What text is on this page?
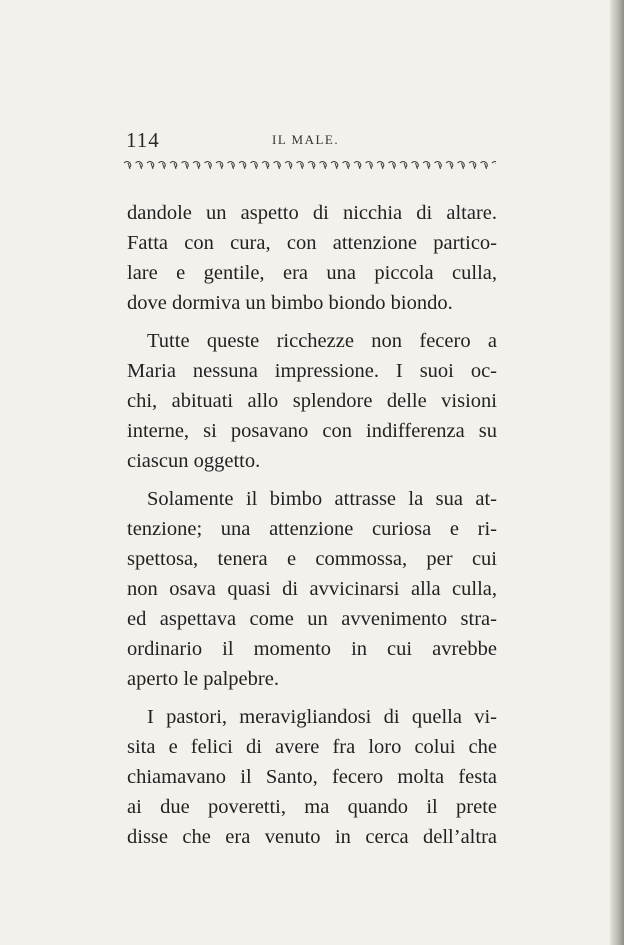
114	IL MALE.
dandole un aspetto di nicchia di altare.
Fatta con cura, con attenzione partico-
lare e gentile, era una piccola culla,
dove dormiva un bimbo biondo biondo.
Tutte queste ricchezze non fecero a
Maria nessuna impressione. I suoi oc-
chi, abituati allo splendore delle visioni
interne, si posavano con indifferenza su
ciascun oggetto.
Solamente il bimbo attrasse la sua at-
tenzione; una attenzione curiosa e ri-
spettosa, tenera e commossa, per cui
non osava quasi di avvicinarsi alla culla,
ed aspettava come un avvenimento stra-
ordinario il momento in cui avrebbe
aperto le palpebre.
I pastori, meravigliandosi di quella vi-
sita e felici di avere fra loro colui che
chiamavano il Santo, fecero molta festa
ai due poveretti, ma quando il prete
disse che era venuto in cerca dell’altra
